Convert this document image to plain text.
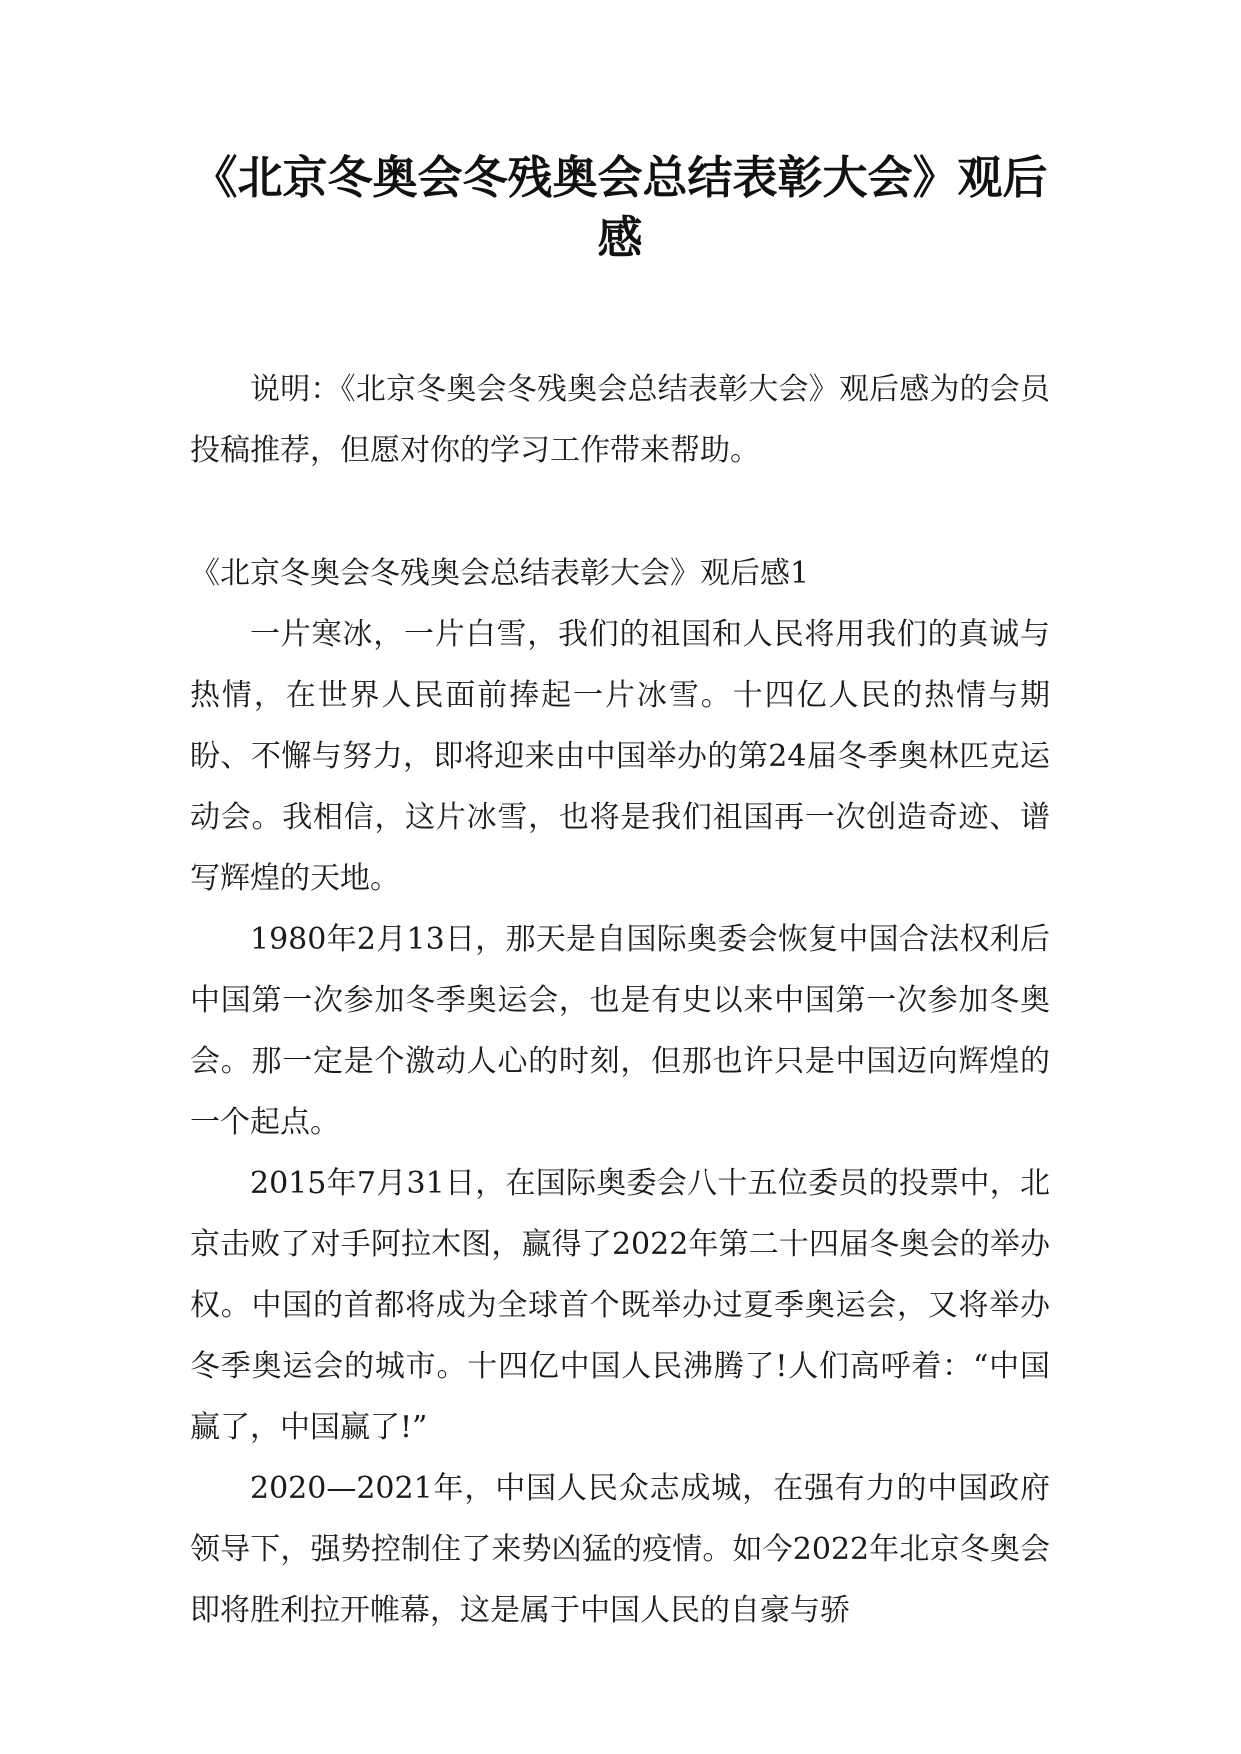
《北京冬奥会冬残奥会总结表彰大会》观后感

说明：《北京冬奥会冬残奥会总结表彰大会》观后感为的会员投稿推荐，但愿对你的学习工作带来帮助。

《北京冬奥会冬残奥会总结表彰大会》观后感1

一片寒冰，一片白雪，我们的祖国和人民将用我们的真诚与热情，在世界人民面前捧起一片冰雪。十四亿人民的热情与期盼、不懈与努力，即将迎来由中国举办的第24届冬季奥林匹克运动会。我相信，这片冰雪，也将是我们祖国再一次创造奇迹、谱写辉煌的天地。

1980年2月13日，那天是自国际奥委会恢复中国合法权利后中国第一次参加冬季奥运会，也是有史以来中国第一次参加冬奥会。那一定是个激动人心的时刻，但那也许只是中国迈向辉煌的一个起点。

2015年7月31日，在国际奥委会八十五位委员的投票中，北京击败了对手阿拉木图，赢得了2022年第二十四届冬奥会的举办权。中国的首都将成为全球首个既举办过夏季奥运会，又将举办冬季奥运会的城市。十四亿中国人民沸腾了!人们高呼着：“中国赢了，中国赢了!”

2020—2021年，中国人民众志成城，在强有力的中国政府领导下，强势控制住了来势凶猛的疫情。如今2022年北京冬奥会即将胜利拉开帷幕，这是属于中国人民的自豪与骄
